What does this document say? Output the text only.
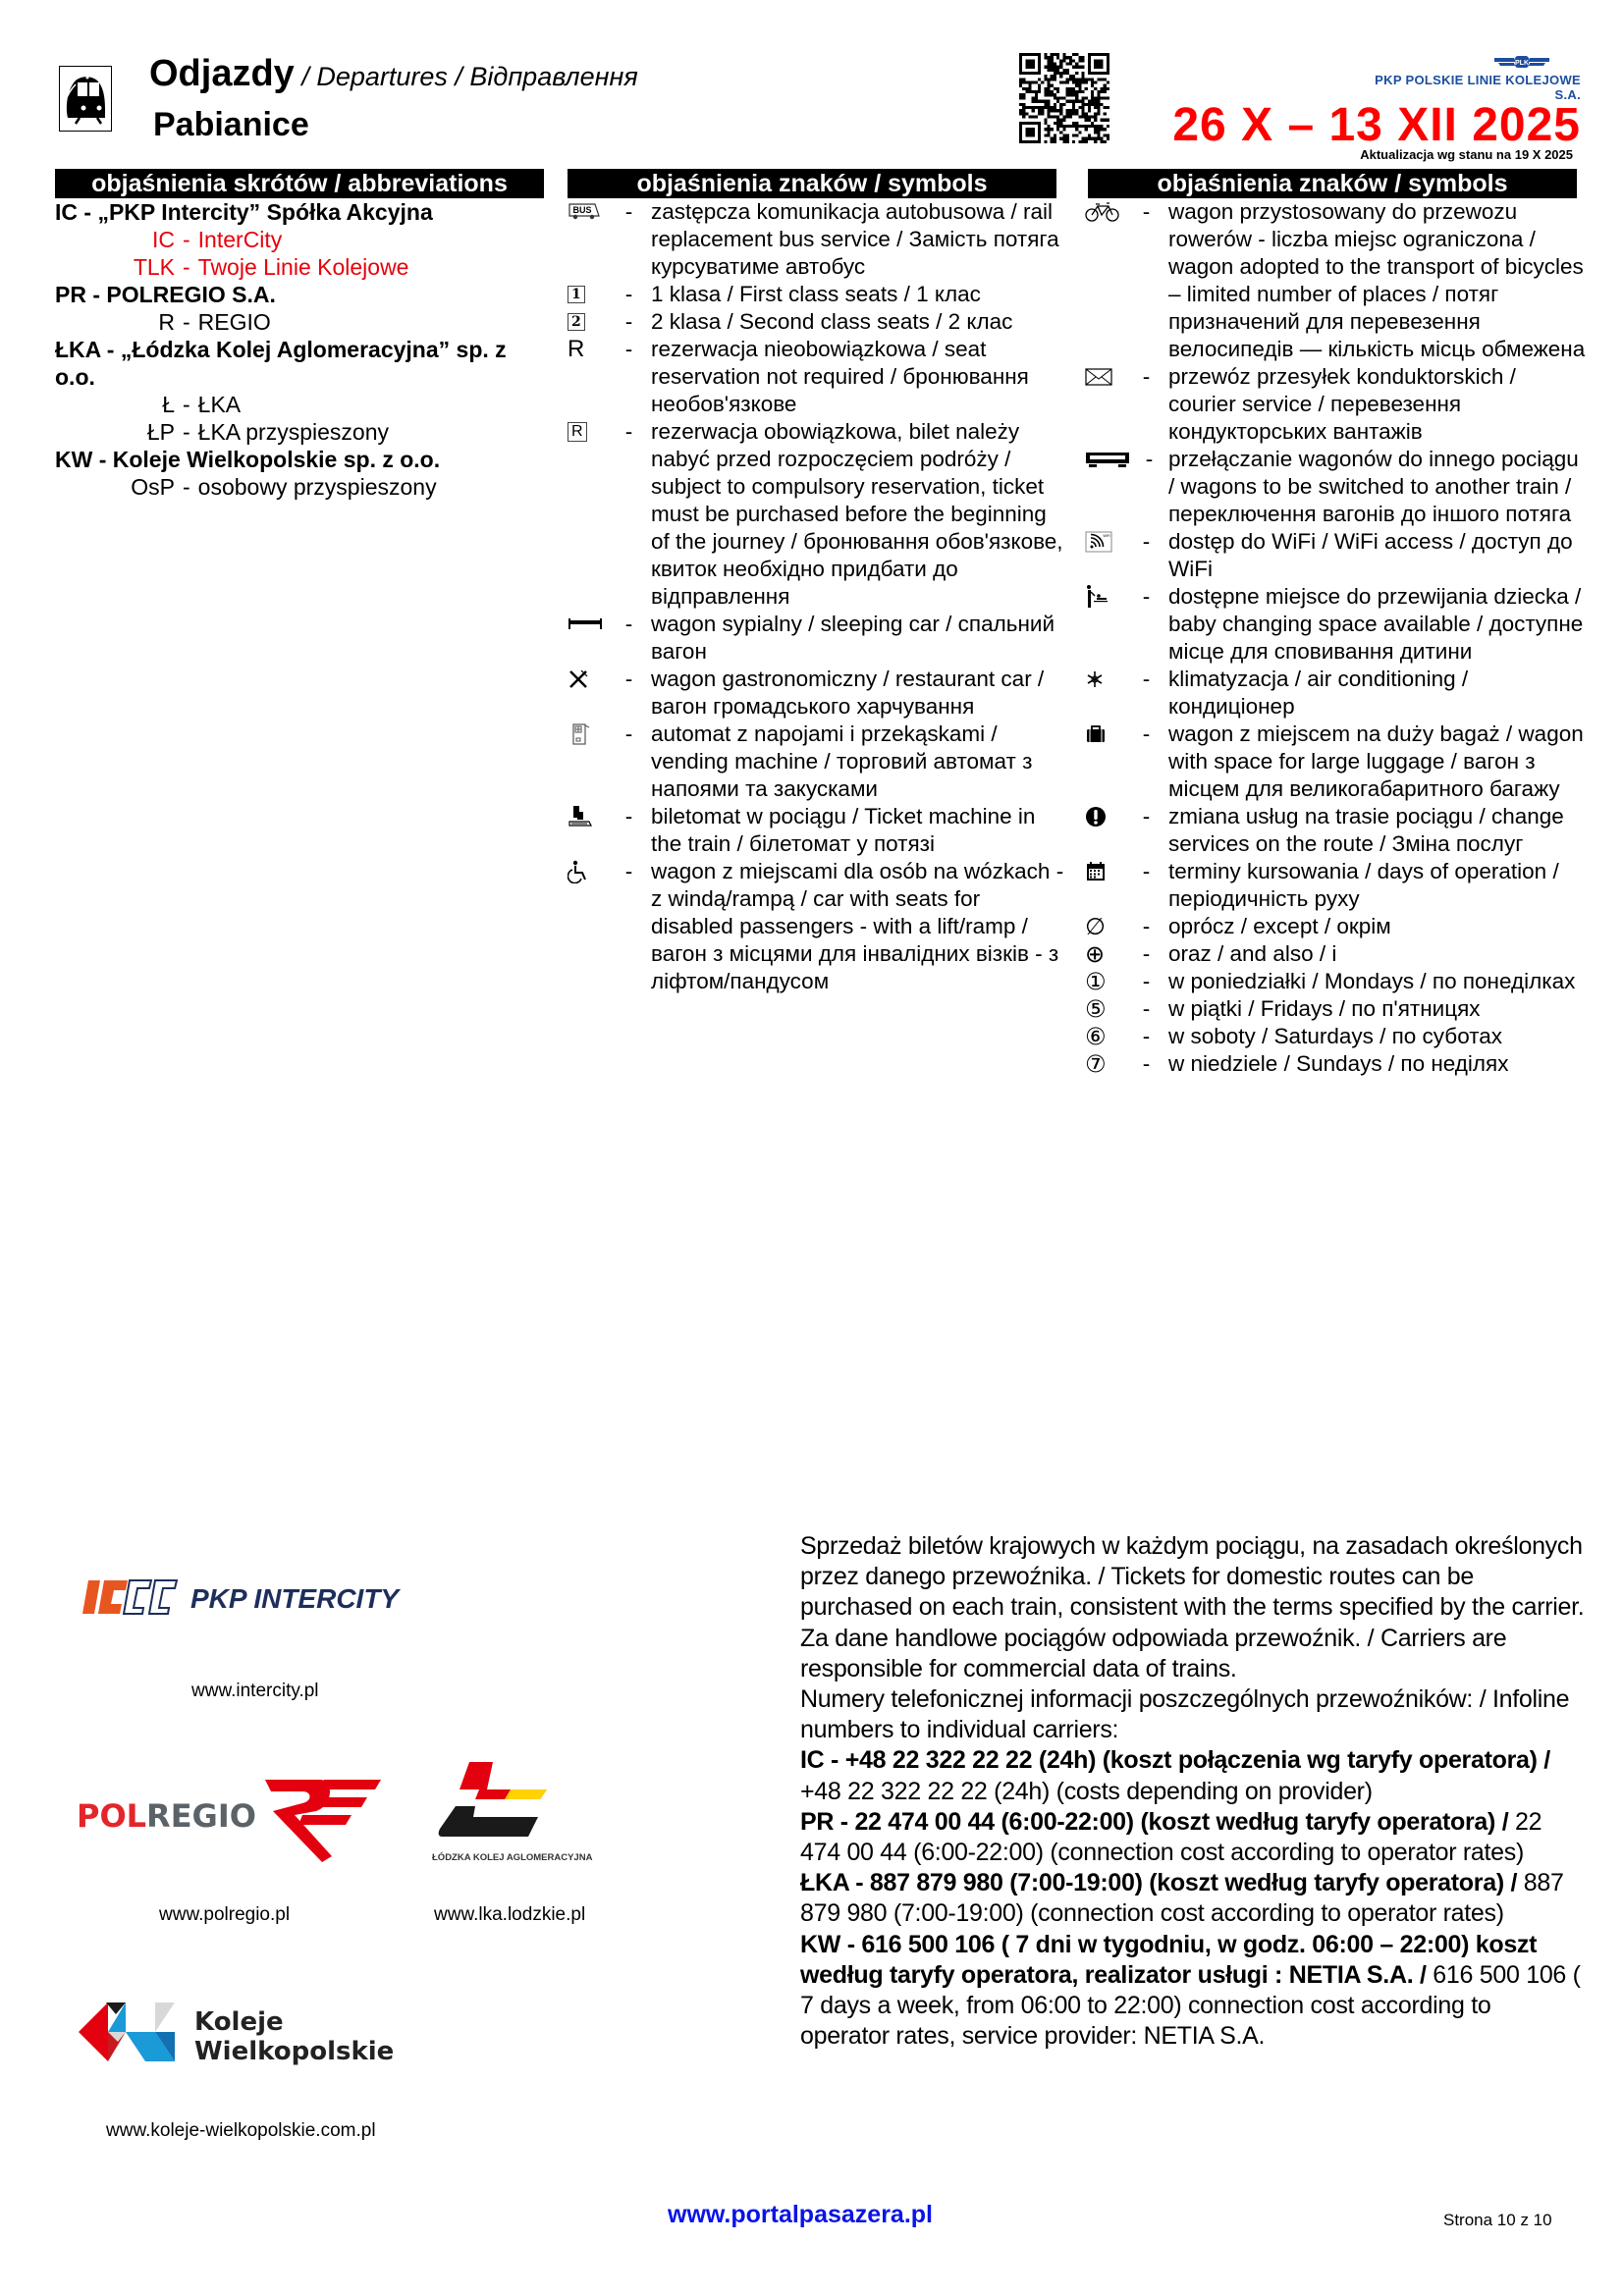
Odjazdy / Departures / Відправлення
Pabianice
PLK
PKP POLSKIE LINIE KOLEJOWE S.A.
26 X – 13 XII 2025
Aktualizacja wg stanu na 19 X 2025
objaśnienia skrótów / abbreviations	objaśnienia znaków / symbols	objaśnienia znaków / symbols
IC - „PKP Intercity” Spółka Akcyjna
IC - InterCity
TLK - Twoje Linie Kolejowe
PR - POLREGIO S.A.
R - REGIO
ŁKA - „Łódzka Kolej Aglomeracyjna” sp. z o.o.
Ł - ŁKA
ŁP - ŁKA przyspieszony
KW - Koleje Wielkopolskie sp. z o.o.
OsP - osobowy przyspieszony
BUS	- zastępcza komunikacja autobusowa / rail replacement bus service / Замість потяга курсуватиме автобус
1	- 1 klasa / First class seats / 1 клас
2	- 2 klasa / Second class seats / 2 клас
R	- rezerwacja nieobowiązkowa / seat reservation not required / бронювання необов'язкове
R	- rezerwacja obowiązkowa, bilet należy nabyć przed rozpoczęciem podróży / subject to compulsory reservation, ticket must be purchased before the beginning of the journey / бронювання обов'язкове, квиток необхідно придбати до відправлення
- wagon sypialny / sleeping car / спальний вагон
- wagon gastronomiczny / restaurant car / вагон громадського харчування
- automat z napojami i przekąskami / vending machine / торговий автомат з напоями та закусками
- biletomat w pociągu / Ticket machine in the train / білетомат у потязі
- wagon z miejscami dla osób na wózkach - z windą/rampą / car with seats for disabled passengers - with a lift/ramp / вагон з місцями для інвалідних візків - з ліфтом/пандусом
- wagon przystosowany do przewozu rowerów - liczba miejsc ograniczona / wagon adopted to the transport of bicycles – limited number of places / потяг призначений для перевезення велосипедів — кількість місць обмежена
- przewóz przesyłek konduktorskich / courier service / перевезення кондукторських вантажів
- przełączanie wagonów do innego pociągu / wagons to be switched to another train / переключення вагонів до іншого потяга
WiFi	- dostęp do WiFi / WiFi access / доступ до WiFi
- dostępne miejsce do przewijania dziecka / baby changing space available / доступне місце для сповивання дитини
- klimatyzacja / air conditioning / кондиціонер
- wagon z miejscem na duży bagaż / wagon with space for large luggage / вагон з місцем для великогабаритного багажу
- zmiana usług na trasie pociągu / change services on the route / Зміна послуг
- terminy kursowania / days of operation / періодичність руху
∅	- oprócz / except / окрім
⊕	- oraz / and also / і
①	- w poniedziałki / Mondays / по понеділках
⑤	- w piątki / Fridays / по п'ятницях
⑥	- w soboty / Saturdays / по суботах
⑦	- w niedziele / Sundays / по неділях
PKP INTERCITY
www.intercity.pl
POLREGIO
www.polregio.pl
ŁÓDZKA KOLEJ AGLOMERACYJNA
www.lka.lodzkie.pl
Koleje
Wielkopolskie
www.koleje-wielkopolskie.com.pl
Sprzedaż biletów krajowych w każdym pociągu, na zasadach określonych przez danego przewoźnika. / Tickets for domestic routes can be purchased on each train, consistent with the terms specified by the carrier.
Za dane handlowe pociągów odpowiada przewoźnik. / Carriers are responsible for commercial data of trains.
Numery telefonicznej informacji poszczególnych przewoźników: / Infoline numbers to individual carriers:
IC - +48 22 322 22 22 (24h) (koszt połączenia wg taryfy operatora) / +48 22 322 22 22 (24h) (costs depending on provider)
PR - 22 474 00 44 (6:00-22:00) (koszt według taryfy operatora) / 22 474 00 44 (6:00-22:00) (connection cost according to operator rates)
ŁKA - 887 879 980 (7:00-19:00) (koszt według taryfy operatora) / 887 879 980 (7:00-19:00) (connection cost according to operator rates)
KW - 616 500 106 ( 7 dni w tygodniu, w godz. 06:00 – 22:00) koszt według taryfy operatora, realizator usługi : NETIA S.A. / 616 500 106 ( 7 days a week, from 06:00 to 22:00) connection cost according to operator rates, service provider: NETIA S.A.
www.portalpasazera.pl	Strona 10 z 10
